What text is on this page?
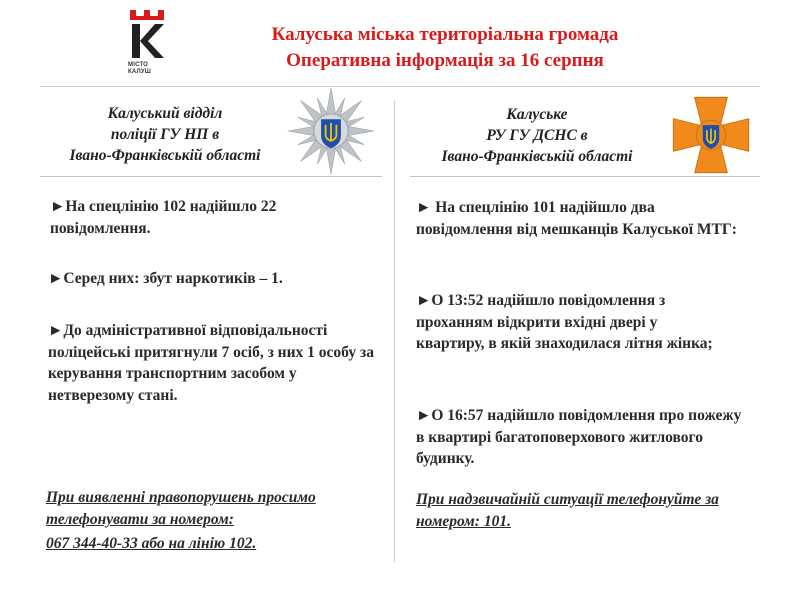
МІСТО
КАЛУШ
Калуська міська територіальна громада
Оперативна інформація за 16 серпня
Калуський відділ
поліції ГУ НП в
Івано-Франківській області
Калуське
РУ ГУ ДСНС в
Івано-Франківській області
►На спецлінію 102 надійшло 22 повідомлення.
►Серед них: збут наркотиків – 1.
►До адміністративної відповідальності поліцейські притягнули 7 осіб, з них 1 особу за керування транспортним засобом у нетверезому стані.
При виявленні правопорушень просимо телефонувати за номером:
067 344-40-33 або на лінію 102.
► На спецлінію 101 надійшло два повідомлення від мешканців Калуської МТГ:
►О 13:52 надійшло повідомлення з проханням відкрити вхідні двері у квартиру, в якій знаходилася літня жінка;
►О 16:57 надійшло повідомлення про пожежу в квартирі багатоповерхового житлового будинку.
При надзвичайній ситуації телефонуйте за номером: 101.
